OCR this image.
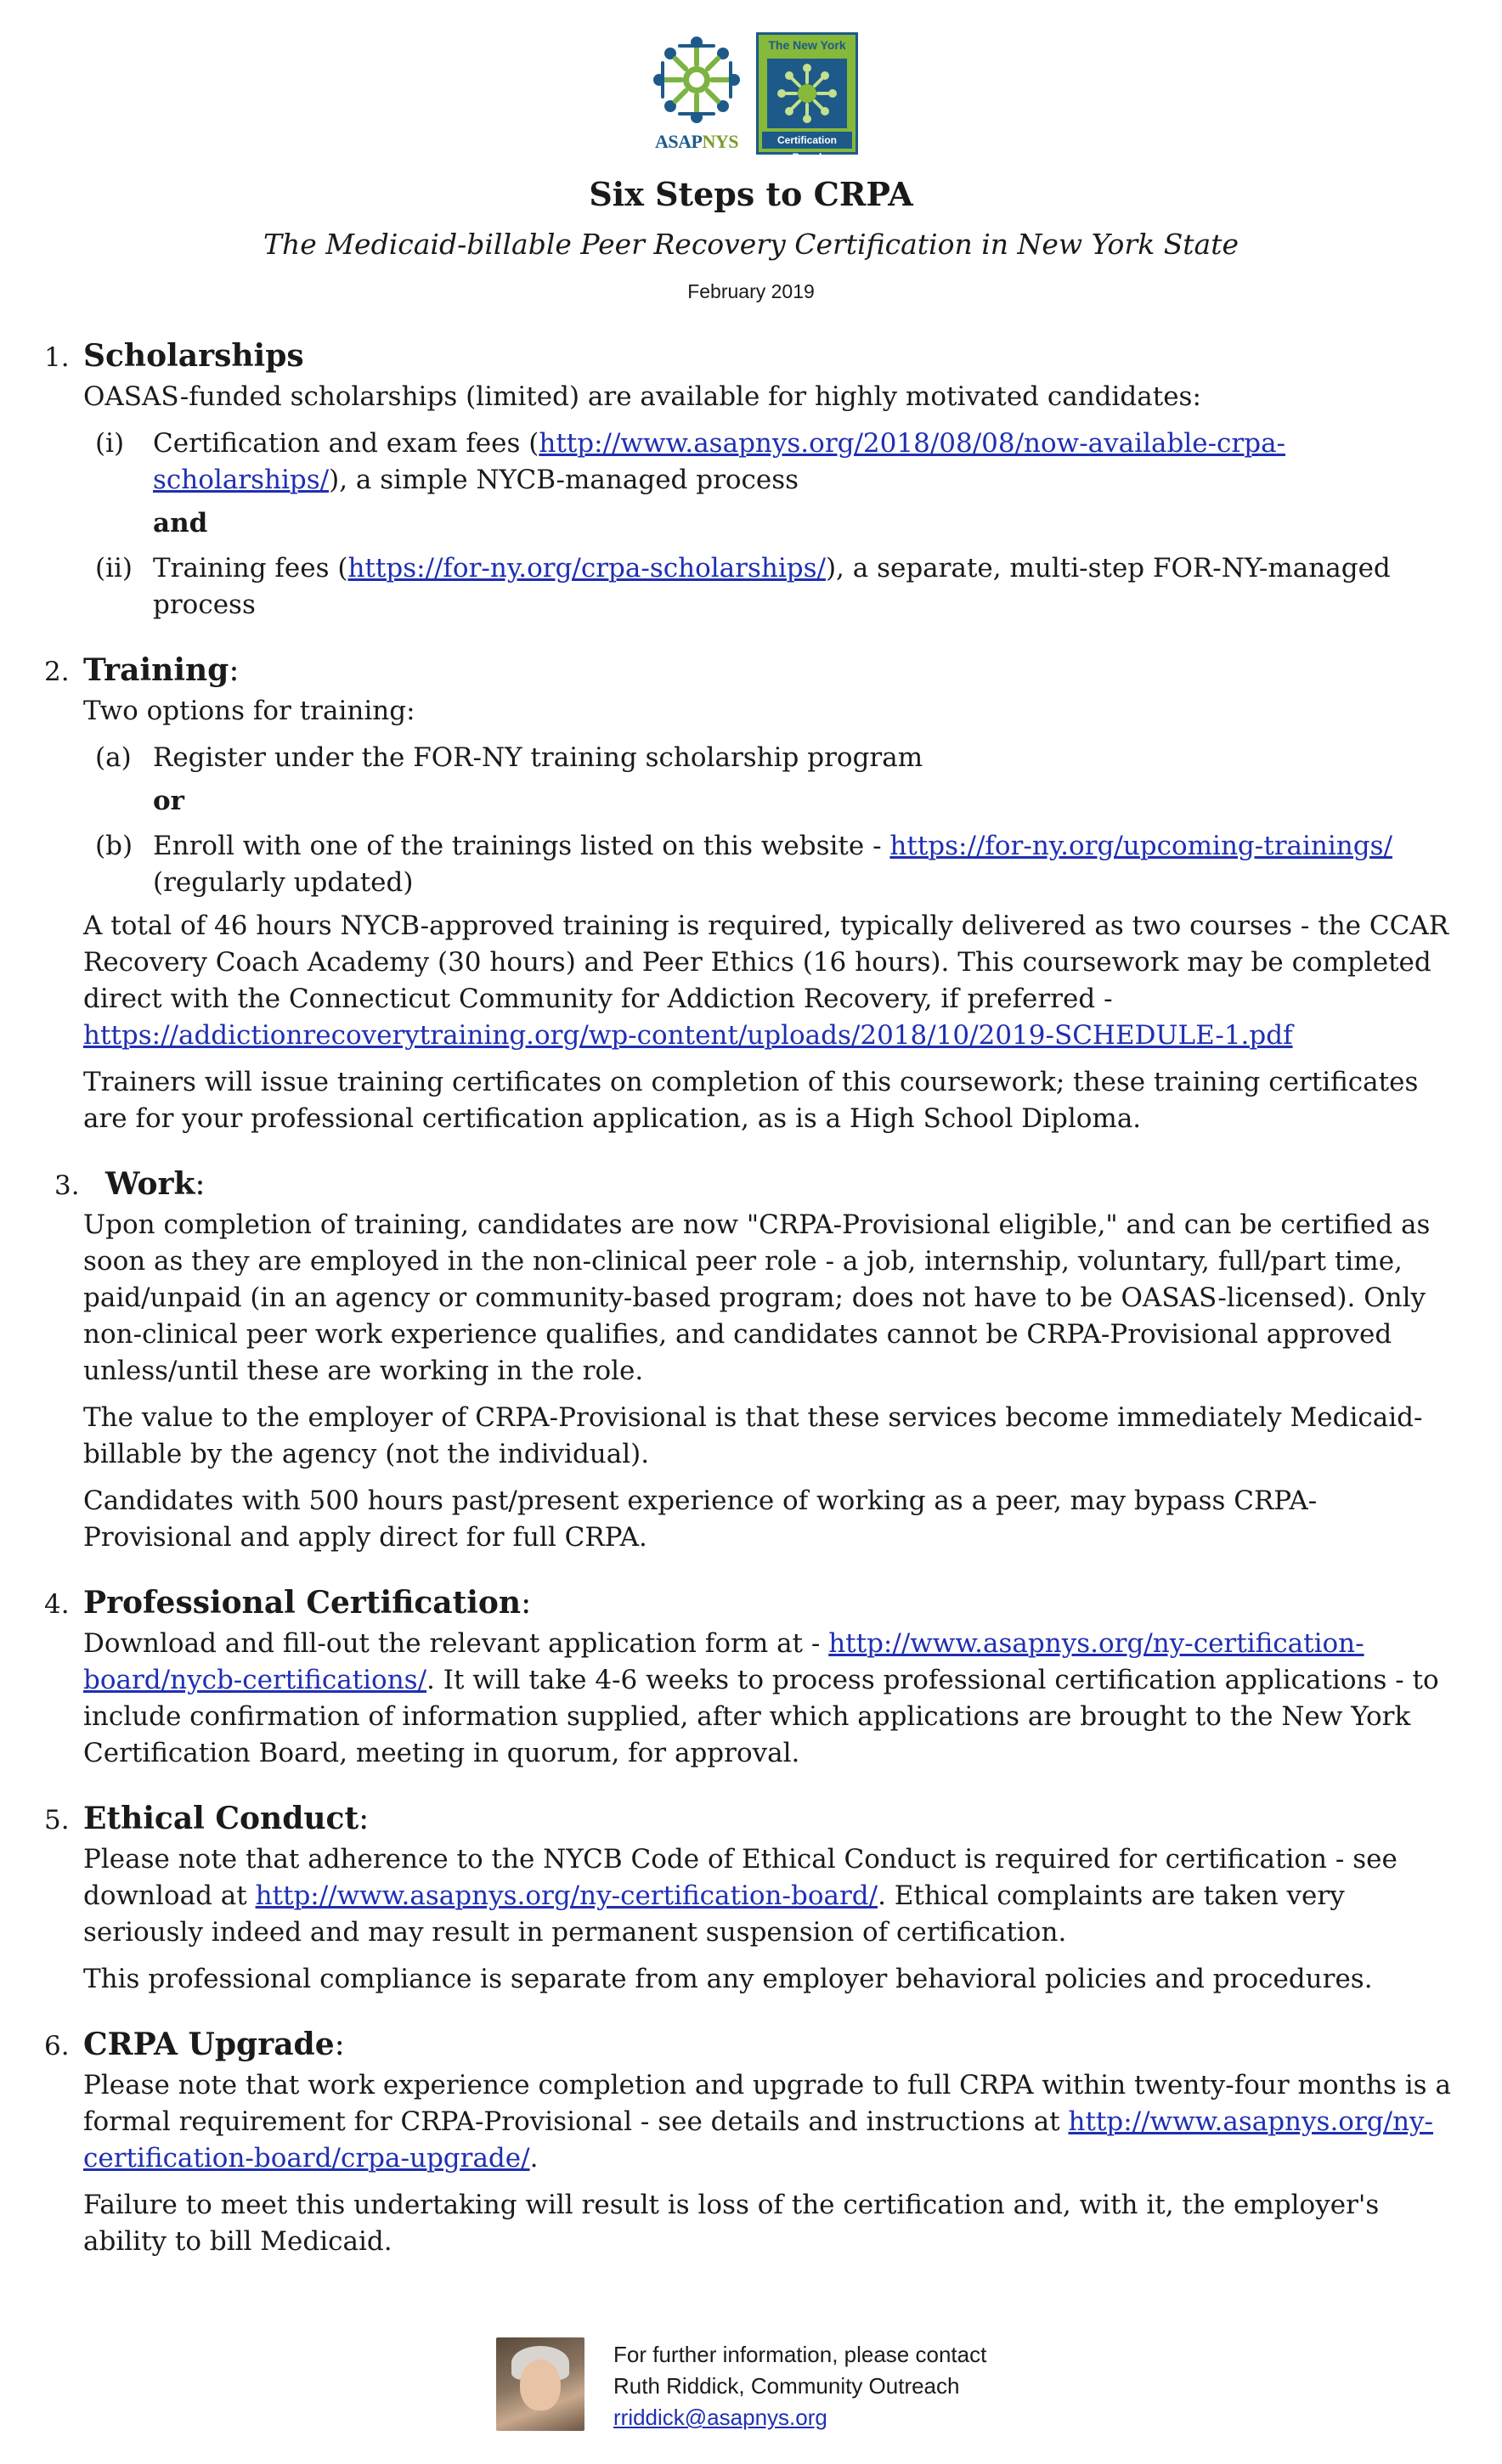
ASAPNYS
The New York
Certification Board
Six Steps to CRPA
The Medicaid-billable Peer Recovery Certification in New York State
February 2019
1. Scholarships
OASAS-funded scholarships (limited) are available for highly motivated candidates:
(i)	Certification and exam fees (http://www.asapnys.org/2018/08/08/now-available-crpa-scholarships/), a simple NYCB-managed process
and
(ii) Training fees (https://for-ny.org/crpa-scholarships/), a separate, multi-step FOR-NY-managed process
2. Training :
Two options for training:
(a) Register under the FOR-NY training scholarship program
or
(b) Enroll with one of the trainings listed on this website - https://for-ny.org/upcoming-trainings/ (regularly updated)
A total of 46 hours NYCB-approved training is required, typically delivered as two courses - the CCAR Recovery Coach Academy (30 hours) and Peer Ethics (16 hours). This coursework may be completed direct with the Connecticut Community for Addiction Recovery, if preferred - https://addictionrecoverytraining.org/wp-content/uploads/2018/10/2019-SCHEDULE-1.pdf
Trainers will issue training certificates on completion of this coursework; these training certificates are for your professional certification application, as is a High School Diploma.
3. Work :
Upon completion of training, candidates are now "CRPA-Provisional eligible," and can be certified as soon as they are employed in the non-clinical peer role - a job, internship, voluntary, full/part time, paid/unpaid (in an agency or community-based program; does not have to be OASAS-licensed). Only non-clinical peer work experience qualifies, and candidates cannot be CRPA-Provisional approved unless/until these are working in the role.
The value to the employer of CRPA-Provisional is that these services become immediately Medicaid-billable by the agency (not the individual).
Candidates with 500 hours past/present experience of working as a peer, may bypass CRPA-Provisional and apply direct for full CRPA.
4. Professional Certification :
Download and fill-out the relevant application form at - http://www.asapnys.org/ny-certification-board/nycb-certifications/. It will take 4-6 weeks to process professional certification applications - to include confirmation of information supplied, after which applications are brought to the New York Certification Board, meeting in quorum, for approval.
5. Ethical Conduct :
Please note that adherence to the NYCB Code of Ethical Conduct is required for certification - see download at http://www.asapnys.org/ny-certification-board/. Ethical complaints are taken very seriously indeed and may result in permanent suspension of certification.
This professional compliance is separate from any employer behavioral policies and procedures.
6. CRPA Upgrade :
Please note that work experience completion and upgrade to full CRPA within twenty-four months is a formal requirement for CRPA-Provisional - see details and instructions at http://www.asapnys.org/ny-certification-board/crpa-upgrade/.
Failure to meet this undertaking will result is loss of the certification and, with it, the employer's ability to bill Medicaid.
For further information, please contact
Ruth Riddick, Community Outreach
rriddick@asapnys.org
